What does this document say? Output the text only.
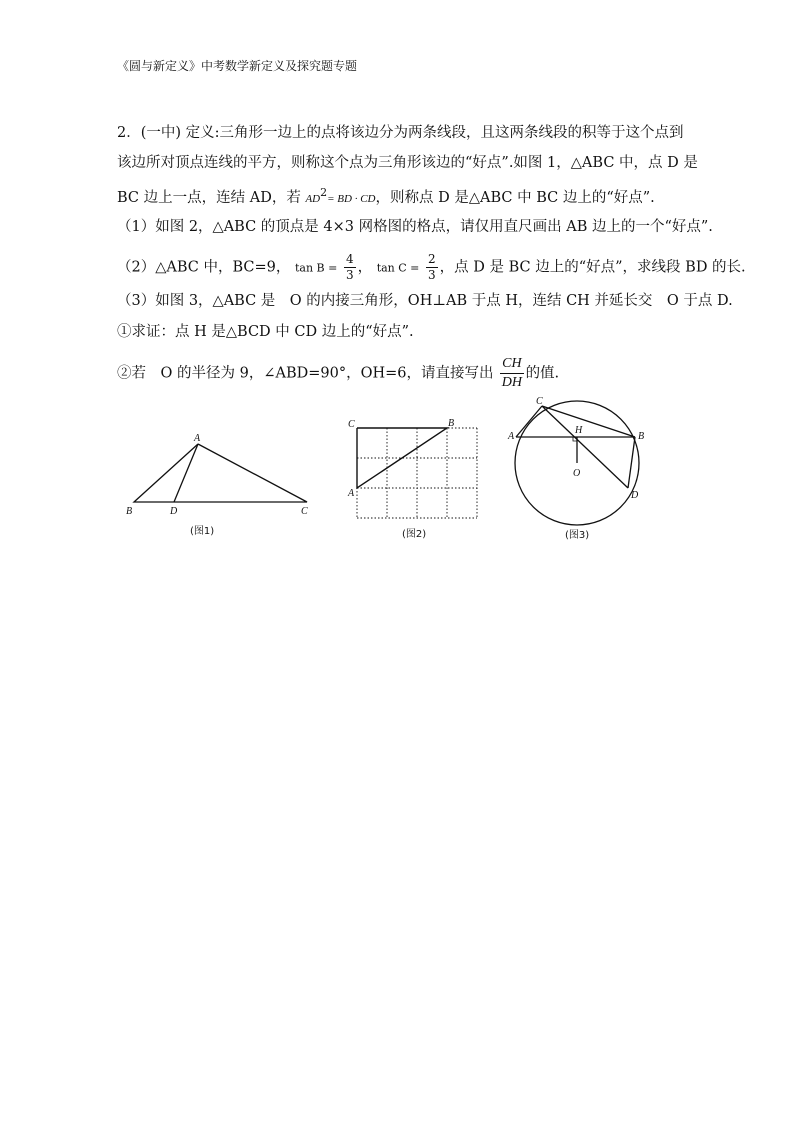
《圆与新定义》中考数学新定义及探究题专题
2．(一中) 定义:三角形一边上的点将该边分为两条线段，且这两条线段的积等于这个点到
该边所对顶点连线的平方，则称这个点为三角形该边的“好点”.如图 1，△ABC 中，点 D 是
BC 边上一点，连结 AD，若 $AD^2=$ BD · CD，则称点 D 是△ABC 中 BC 边上的“好点”.
（1）如图 2，△ABC 的顶点是 4×3 网格图的格点，请仅用直尺画出 AB 边上的一个“好点”.
（2）△ABC 中，BC=9， $\tan B = \frac{4}{3}$ ， $\tan C = \frac{2}{3}$ ，点 D 是 BC 边上的“好点”，求线段 BD 的长.
（3）如图 3，△ABC 是　O 的内接三角形，OH⊥AB 于点 H，连结 CH 并延长交　O 于点 D.
①求证：点 H 是△BCD 中 CD 边上的“好点”.
②若　O 的半径为 9，∠ABD=90°，OH=6，请直接写出 $\frac{CH}{DH}$ 的值.
A
B	D	C
(图1)
C	B
A
(图2)
C
A
H
B
O
D
(图3)
